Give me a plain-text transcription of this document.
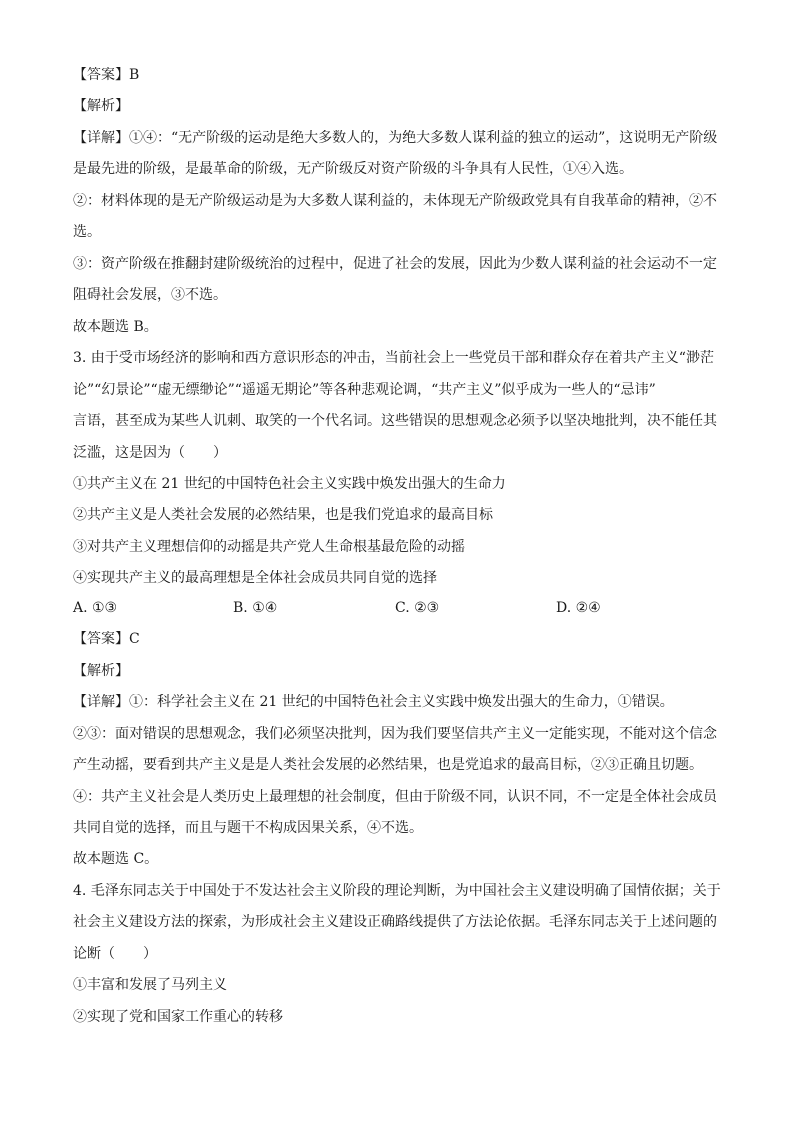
【答案】B
【解析】
【详解】①④：“无产阶级的运动是绝大多数人的，为绝大多数人谋利益的独立的运动”，这说明无产阶级
是最先进的阶级，是最革命的阶级，无产阶级反对资产阶级的斗争具有人民性，①④入选。
②：材料体现的是无产阶级运动是为大多数人谋利益的，未体现无产阶级政党具有自我革命的精神，②不
选。
③：资产阶级在推翻封建阶级统治的过程中，促进了社会的发展，因此为少数人谋利益的社会运动不一定
阻碍社会发展，③不选。
故本题选 B。
3. 由于受市场经济的影响和西方意识形态的冲击，当前社会上一些党员干部和群众存在着共产主义“渺茫
论”“幻景论”“虚无缥缈论”“遥遥无期论”等各种悲观论调，“共产主义”似乎成为一些人的“忌讳”
言语，甚至成为某些人讥刺、取笑的一个代名词。这些错误的思想观念必须予以坚决地批判，决不能任其
泛滥，这是因为（　　）
①共产主义在 21 世纪的中国特色社会主义实践中焕发出强大的生命力
②共产主义是人类社会发展的必然结果，也是我们党追求的最高目标
③对共产主义理想信仰的动摇是共产党人生命根基最危险的动摇
④实现共产主义的最高理想是全体社会成员共同自觉的选择
A. ①③	B. ①④	C. ②③	D. ②④
【答案】C
【解析】
【详解】①：科学社会主义在 21 世纪的中国特色社会主义实践中焕发出强大的生命力，①错误。
②③：面对错误的思想观念，我们必须坚决批判，因为我们要坚信共产主义一定能实现，不能对这个信念
产生动摇，要看到共产主义是是人类社会发展的必然结果，也是党追求的最高目标，②③正确且切题。
④：共产主义社会是人类历史上最理想的社会制度，但由于阶级不同，认识不同，不一定是全体社会成员
共同自觉的选择，而且与题干不构成因果关系，④不选。
故本题选 C。
4. 毛泽东同志关于中国处于不发达社会主义阶段的理论判断，为中国社会主义建设明确了国情依据；关于
社会主义建设方法的探索，为形成社会主义建设正确路线提供了方法论依据。毛泽东同志关于上述问题的
论断（　　）
①丰富和发展了马列主义
②实现了党和国家工作重心的转移
